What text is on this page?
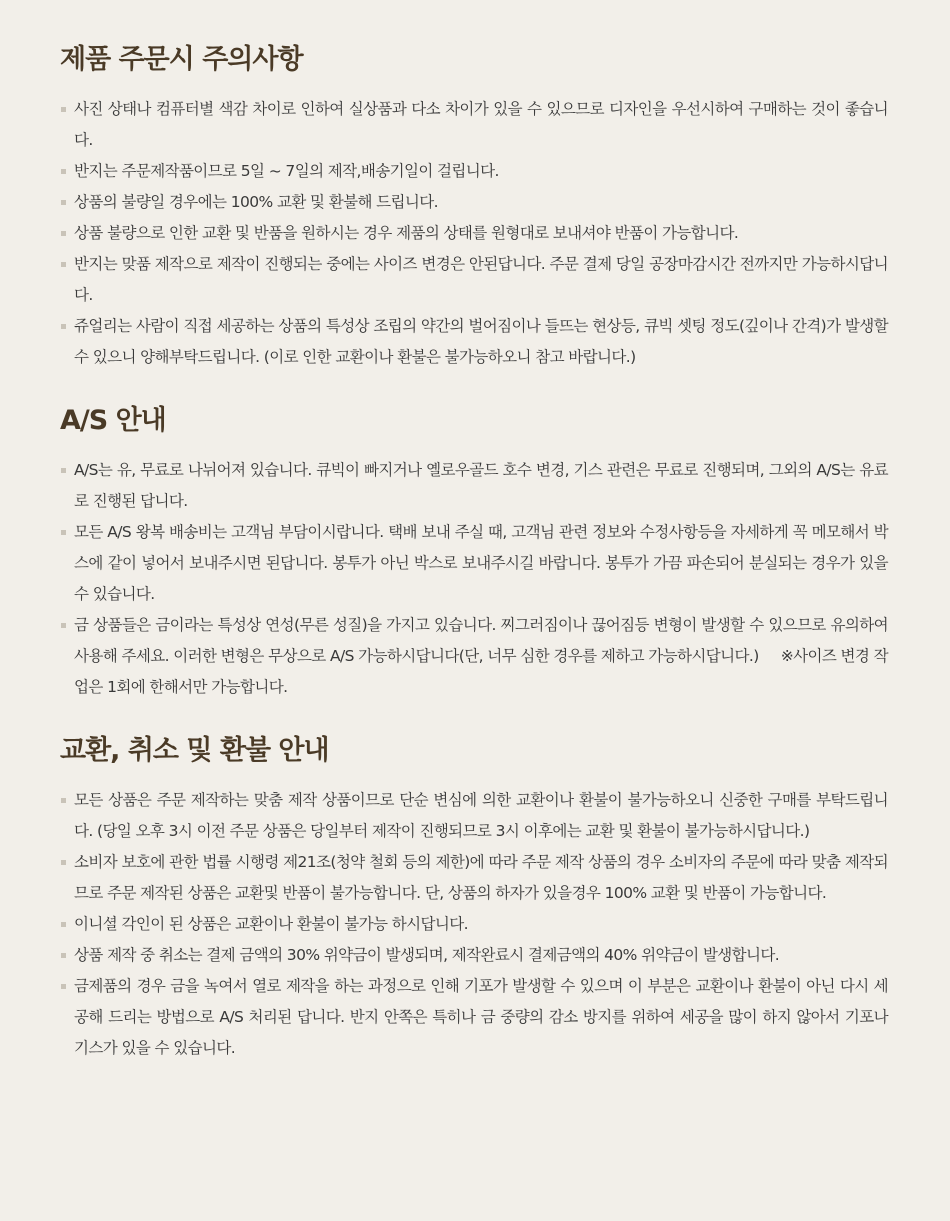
제품 주문시 주의사항
사진 상태나 컴퓨터별 색감 차이로 인하여 실상품과 다소 차이가 있을 수 있으므로 디자인을 우선시하여 구매하는 것이 좋습니다.
반지는 주문제작품이므로 5일 ~ 7일의 제작,배송기일이 걸립니다.
상품의 불량일 경우에는 100% 교환 및 환불해 드립니다.
상품 불량으로 인한 교환 및 반품을 원하시는 경우 제품의 상태를 원형대로 보내셔야 반품이 가능합니다.
반지는 맞품 제작으로 제작이 진행되는 중에는 사이즈 변경은 안된답니다. 주문 결제 당일 공장마감시간 전까지만 가능하시답니다.
쥬얼리는 사람이 직접 세공하는 상품의 특성상 조립의 약간의 벌어짐이나 들뜨는 현상등, 큐빅 셋팅 정도(깊이나 간격)가 발생할수 있으니 양해부탁드립니다. (이로 인한 교환이나 환불은 불가능하오니 참고 바랍니다.)
A/S 안내
A/S는 유, 무료로 나뉘어져 있습니다. 큐빅이 빠지거나 옐로우골드 호수 변경, 기스 관련은 무료로 진행되며, 그외의 A/S는 유료로 진행된 답니다.
모든 A/S 왕복 배송비는 고객님 부담이시랍니다. 택배 보내 주실 때, 고객님 관련 정보와 수정사항등을 자세하게 꼭 메모해서 박스에 같이 넣어서 보내주시면 된답니다. 봉투가 아닌 박스로 보내주시길 바랍니다. 봉투가 가끔 파손되어 분실되는 경우가 있을 수 있습니다.
금 상품들은 금이라는 특성상 연성(무른 성질)을 가지고 있습니다. 찌그러짐이나 끊어짐등 변형이 발생할 수 있으므로 유의하여 사용해 주세요. 이러한 변형은 무상으로 A/S 가능하시답니다(단, 너무 심한 경우를 제하고 가능하시답니다.) ※사이즈 변경 작업은 1회에 한해서만 가능합니다.
교환, 취소 및 환불 안내
모든 상품은 주문 제작하는 맞춤 제작 상품이므로 단순 변심에 의한 교환이나 환불이 불가능하오니 신중한 구매를 부탁드립니다. (당일 오후 3시 이전 주문 상품은 당일부터 제작이 진행되므로 3시 이후에는 교환 및 환불이 불가능하시답니다.)
소비자 보호에 관한 법률 시행령 제21조(청약 철회 등의 제한)에 따라 주문 제작 상품의 경우 소비자의 주문에 따라 맞춤 제작되므로 주문 제작된 상품은 교환및 반품이 불가능합니다. 단, 상품의 하자가 있을경우 100% 교환 및 반품이 가능합니다.
이니셜 각인이 된 상품은 교환이나 환불이 불가능 하시답니다.
상품 제작 중 취소는 결제 금액의 30% 위약금이 발생되며, 제작완료시 결제금액의 40% 위약금이 발생합니다.
금제품의 경우 금을 녹여서 열로 제작을 하는 과정으로 인해 기포가 발생할 수 있으며 이 부분은 교환이나 환불이 아닌 다시 세공해 드리는 방법으로 A/S 처리된 답니다. 반지 안쪽은 특히나 금 중량의 감소 방지를 위하여 세공을 많이 하지 않아서 기포나 기스가 있을 수 있습니다.
